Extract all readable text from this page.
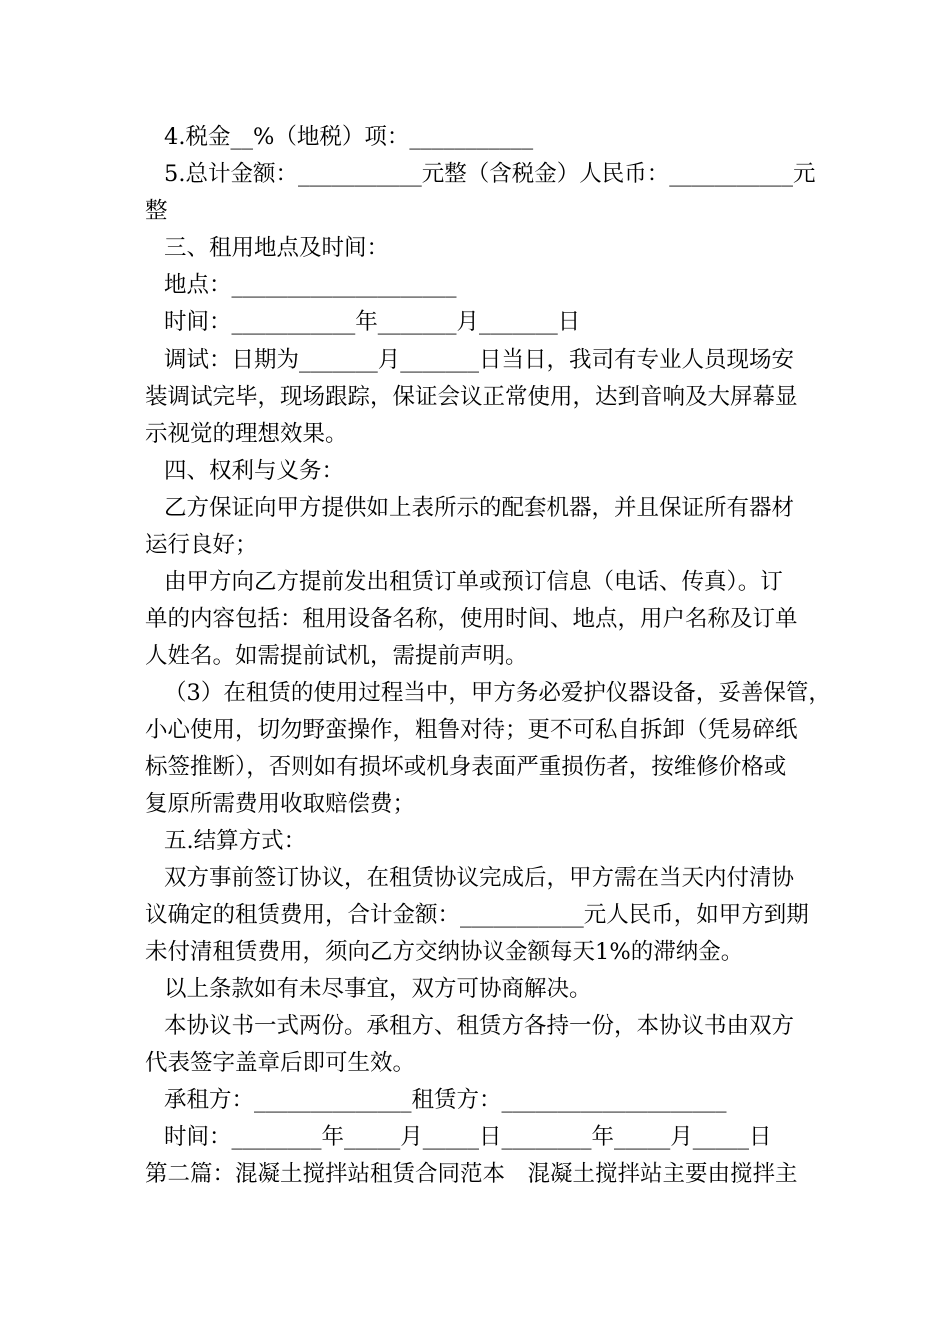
4.税金__%（地税）项：___________
5.总计金额：___________元整（含税金）人民币：___________元
整
三、租用地点及时间：
地点：____________________
时间：___________年_______月_______日
调试：日期为_______月_______日当日，我司有专业人员现场安
装调试完毕，现场跟踪，保证会议正常使用，达到音响及大屏幕显
示视觉的理想效果。
四、权利与义务：
乙方保证向甲方提供如上表所示的配套机器，并且保证所有器材
运行良好；
由甲方向乙方提前发出租赁订单或预订信息（电话、传真）。订
单的内容包括：租用设备名称，使用时间、地点，用户名称及订单
人姓名。如需提前试机，需提前声明。
（3）在租赁的使用过程当中，甲方务必爱护仪器设备，妥善保管，
小心使用，切勿野蛮操作，粗鲁对待；更不可私自拆卸（凭易碎纸
标签推断），否则如有损坏或机身表面严重损伤者，按维修价格或
复原所需费用收取赔偿费；
五.结算方式：
双方事前签订协议，在租赁协议完成后，甲方需在当天内付清协
议确定的租赁费用，合计金额：___________元人民币，如甲方到期
未付清租赁费用，须向乙方交纳协议金额每天1%的滞纳金。
以上条款如有未尽事宜，双方可协商解决。
本协议书一式两份。承租方、租赁方各持一份，本协议书由双方
代表签字盖章后即可生效。
承租方：______________租赁方：____________________
时间：________年_____月_____日________年_____月_____日
第二篇：混凝土搅拌站租赁合同范本　混凝土搅拌站主要由搅拌主
